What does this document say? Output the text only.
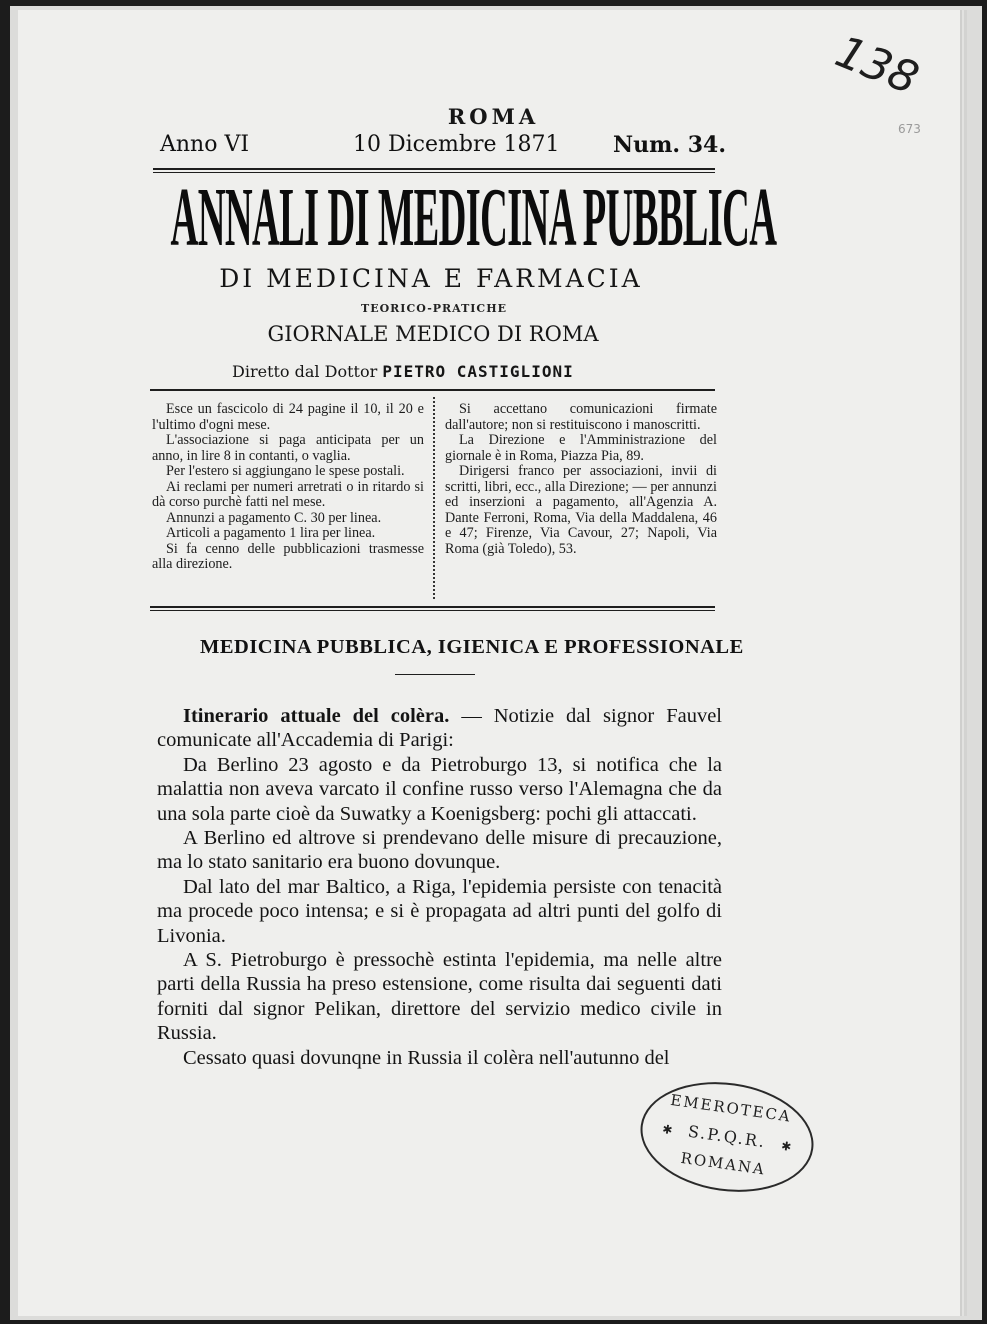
138
673
ROMA
Anno VI	10 Dicembre 1871 Num. 34.
ANNALI DI MEDICINA PUBBLICA
DI MEDICINA E FARMACIA
TEORICO-PRATICHE
GIORNALE MEDICO DI ROMA
Diretto dal Dottor PIETRO CASTIGLIONI

Esce un fascicolo di 24 pagine il 10, il 20 e l'ultimo d'ogni mese.

L'associazione si paga anticipata per un anno, in lire 8 in contanti, o vaglia.

Per l'estero si aggiungano le spese postali.

Ai reclami per numeri arretrati o in ritardo si dà corso purchè fatti nel mese.

Annunzi a pagamento C. 30 per linea.

Articoli a pagamento 1 lira per linea.

Si fa cenno delle pubblicazioni trasmesse alla direzione.

Si accettano comunicazioni firmate dall'autore; non si restituiscono i manoscritti.

La Direzione e l'Amministrazione del giornale è in Roma, Piazza Pia, 89.

Dirigersi franco per associazioni, invii di scritti, libri, ecc., alla Direzione; — per annunzi ed inserzioni a pagamento, all'Agenzia A. Dante Ferroni, Roma, Via della Maddalena, 46 e 47; Firenze, Via Cavour, 27; Napoli, Via Roma (già Toledo), 53.

MEDICINA PUBBLICA, IGIENICA E PROFESSIONALE

Itinerario attuale del colèra. — Notizie dal signor Fauvel comunicate all'Accademia di Parigi:

Da Berlino 23 agosto e da Pietroburgo 13, si notifica che la malattia non aveva varcato il confine russo verso l'Alemagna che da una sola parte cioè da Suwatky a Koenigsberg: pochi gli attaccati.

A Berlino ed altrove si prendevano delle misure di precauzione, ma lo stato sanitario era buono dovunque.

Dal lato del mar Baltico, a Riga, l'epidemia persiste con tenacità ma procede poco intensa; e si è propagata ad altri punti del golfo di Livonia.

A S. Pietroburgo è pressochè estinta l'epidemia, ma nelle altre parti della Russia ha preso estensione, come risulta dai seguenti dati forniti dal signor Pelikan, direttore del servizio medico civile in Russia.

Cessato quasi dovunqne in Russia il colèra nell'autunno del

EMEROTECA
✱ S.P.Q.R.	✱
ROMANA
